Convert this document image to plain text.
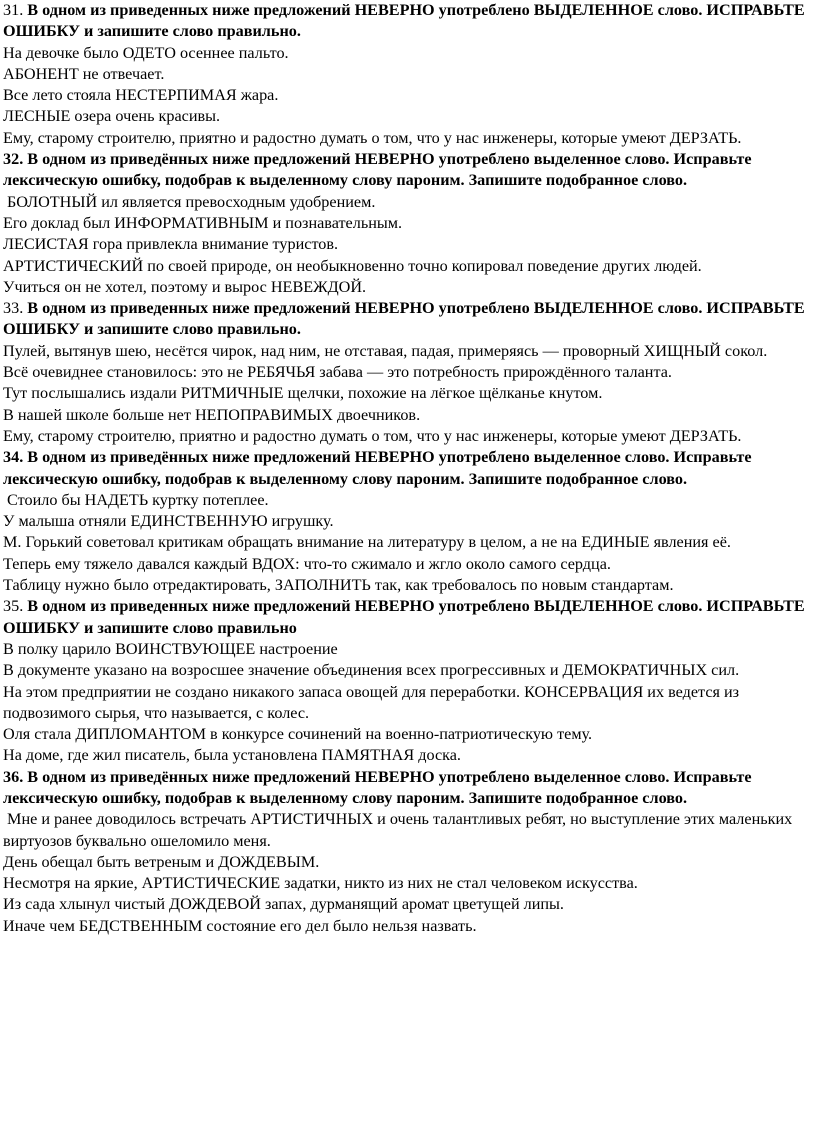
31. В одном из приведенных ниже предложений НЕВЕРНО употреблено ВЫДЕЛЕННОЕ слово. ИСПРАВЬТЕ ОШИБКУ и запишите слово правильно.

На девочке было ОДЕТО осеннее пальто.

АБОНЕНТ не отвечает.

Все лето стояла НЕСТЕРПИМАЯ жара.

ЛЕСНЫЕ озера очень красивы.

Ему, старому строителю, приятно и радостно думать о том, что у нас инженеры, которые умеют ДЕРЗАТЬ.

32. В одном из приведённых ниже предложений НЕВЕРНО употреблено выделенное слово. Исправьте лексическую ошибку, подобрав к выделенному слову пароним. Запишите подобранное слово.

БОЛОТНЫЙ ил является превосходным удобрением.

Его доклад был ИНФОРМАТИВНЫМ и познавательным.

ЛЕСИСТАЯ гора привлекла внимание туристов.

АРТИСТИЧЕСКИЙ по своей природе, он необыкновенно точно копировал поведение других людей.

Учиться он не хотел, поэтому и вырос НЕВЕЖДОЙ.

33. В одном из приведенных ниже предложений НЕВЕРНО употреблено ВЫДЕЛЕННОЕ слово. ИСПРАВЬТЕ ОШИБКУ и запишите слово правильно.

Пулей, вытянув шею, несётся чирок, над ним, не отставая, падая, примеряясь — проворный ХИЩНЫЙ сокол.

Всё очевиднее становилось: это не РЕБЯЧЬЯ забава — это потребность прирождённого таланта.

Тут послышались издали РИТМИЧНЫЕ щелчки, похожие на лёгкое щёлканье кнутом.

В нашей школе больше нет НЕПОПРАВИМЫХ двоечников.

Ему, старому строителю, приятно и радостно думать о том, что у нас инженеры, которые умеют ДЕРЗАТЬ.

34. В одном из приведённых ниже предложений НЕВЕРНО употреблено выделенное слово. Исправьте лексическую ошибку, подобрав к выделенному слову пароним. Запишите подобранное слово.

Стоило бы НАДЕТЬ куртку потеплее.

У малыша отняли ЕДИНСТВЕННУЮ игрушку.

М. Горький советовал критикам обращать внимание на литературу в целом, а не на ЕДИНЫЕ явления её.

Теперь ему тяжело давался каждый ВДОХ: что-то сжимало и жгло около самого сердца.

Таблицу нужно было отредактировать, ЗАПОЛНИТЬ так, как требовалось по новым стандартам.

35. В одном из приведенных ниже предложений НЕВЕРНО употреблено ВЫДЕЛЕННОЕ слово. ИСПРАВЬТЕ ОШИБКУ и запишите слово правильно

В полку царило ВОИНСТВУЮЩЕЕ настроение

В документе указано на возросшее значение объединения всех прогрессивных и ДЕМОКРАТИЧНЫХ сил.

На этом предприятии не создано никакого запаса овощей для переработки. КОНСЕРВАЦИЯ их ведется из подвозимого сырья, что называется, с колес.

Оля стала ДИПЛОМАНТОМ в конкурсе сочинений на военно-патриотическую тему.

На доме, где жил писатель, была установлена ПАМЯТНАЯ доска.

36. В одном из приведённых ниже предложений НЕВЕРНО употреблено выделенное слово. Исправьте лексическую ошибку, подобрав к выделенному слову пароним. Запишите подобранное слово.

Мне и ранее доводилось встречать АРТИСТИЧНЫХ и очень талантливых ребят, но выступление этих маленьких виртуозов буквально ошеломило меня.

День обещал быть ветреным и ДОЖДЕВЫМ.

Несмотря на яркие, АРТИСТИЧЕСКИЕ задатки, никто из них не стал человеком искусства.

Из сада хлынул чистый ДОЖДЕВОЙ запах, дурманящий аромат цветущей липы.

Иначе чем БЕДСТВЕННЫМ состояние его дел было нельзя назвать.
